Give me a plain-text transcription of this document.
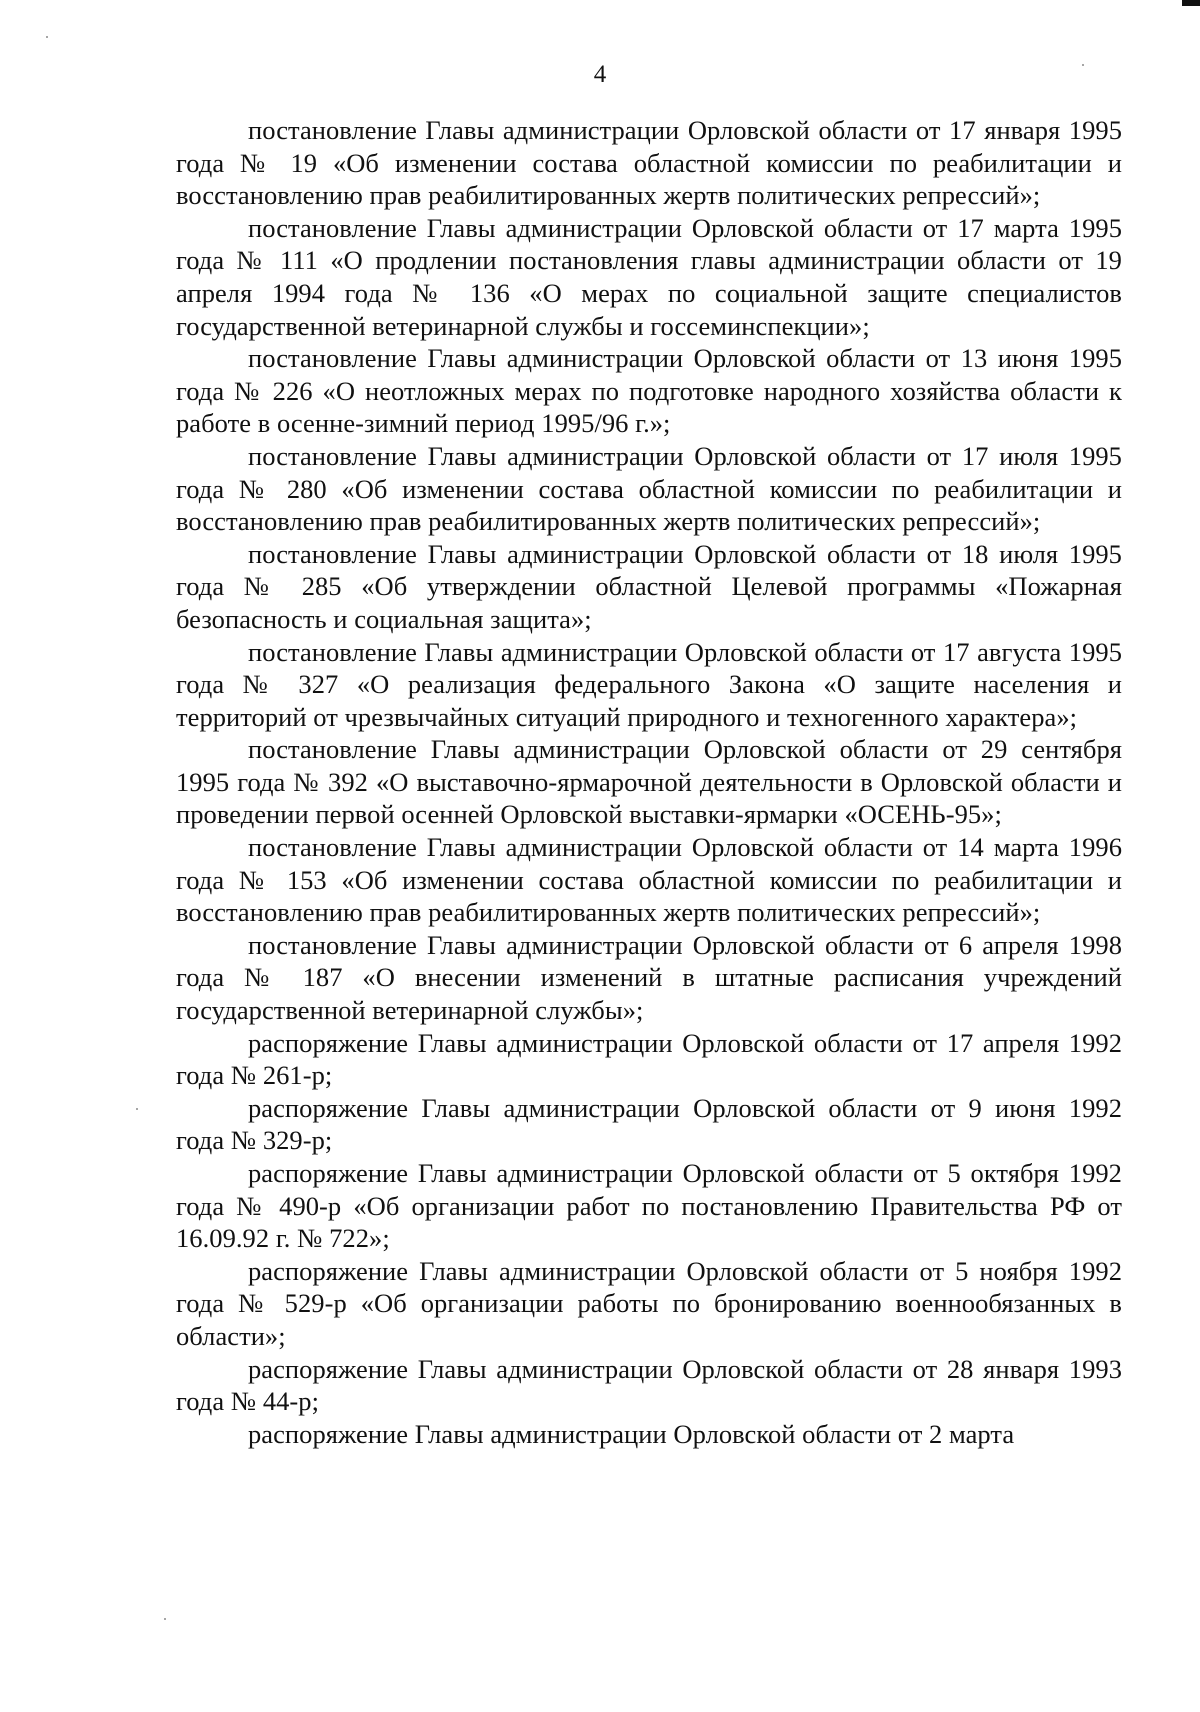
4

постановление Главы администрации Орловской области от 17 января 1995 года № 19 «Об изменении состава областной комиссии по реабилитации и восстановлению прав реабилитированных жертв политических репрессий»;

постановление Главы администрации Орловской области от 17 марта 1995 года № 111 «О продлении постановления главы администрации области от 19 апреля 1994 года № 136 «О мерах по социальной защите специалистов государственной ветеринарной службы и госсеминспекции»;

постановление Главы администрации Орловской области от 13 июня 1995 года № 226 «О неотложных мерах по подготовке народного хозяйства области к работе в осенне-зимний период 1995/96 г.»;

постановление Главы администрации Орловской области от 17 июля 1995 года № 280 «Об изменении состава областной комиссии по реабилитации и восстановлению прав реабилитированных жертв политических репрессий»;

постановление Главы администрации Орловской области от 18 июля 1995 года № 285 «Об утверждении областной Целевой программы «Пожарная безопасность и социальная защита»;

постановление Главы администрации Орловской области от 17 августа 1995 года № 327 «О реализация федерального Закона «О защите населения и территорий от чрезвычайных ситуаций природного и техногенного характера»;

постановление Главы администрации Орловской области от 29 сентября 1995 года № 392 «О выставочно-ярмарочной деятельности в Орловской области и проведении первой осенней Орловской выставки-ярмарки «ОСЕНЬ-95»;

постановление Главы администрации Орловской области от 14 марта 1996 года № 153 «Об изменении состава областной комиссии по реабилитации и восстановлению прав реабилитированных жертв политических репрессий»;

постановление Главы администрации Орловской области от 6 апреля 1998 года № 187 «О внесении изменений в штатные расписания учреждений государственной ветеринарной службы»;

распоряжение Главы администрации Орловской области от 17 апреля 1992 года № 261-р;

распоряжение Главы администрации Орловской области от 9 июня 1992 года № 329-р;

распоряжение Главы администрации Орловской области от 5 октября 1992 года № 490-р «Об организации работ по постановлению Правительства РФ от 16.09.92 г. № 722»;

распоряжение Главы администрации Орловской области от 5 ноября 1992 года № 529-р «Об организации работы по бронированию военнообязанных в области»;

распоряжение Главы администрации Орловской области от 28 января 1993 года № 44-р;

распоряжение Главы администрации Орловской области от 2 марта
